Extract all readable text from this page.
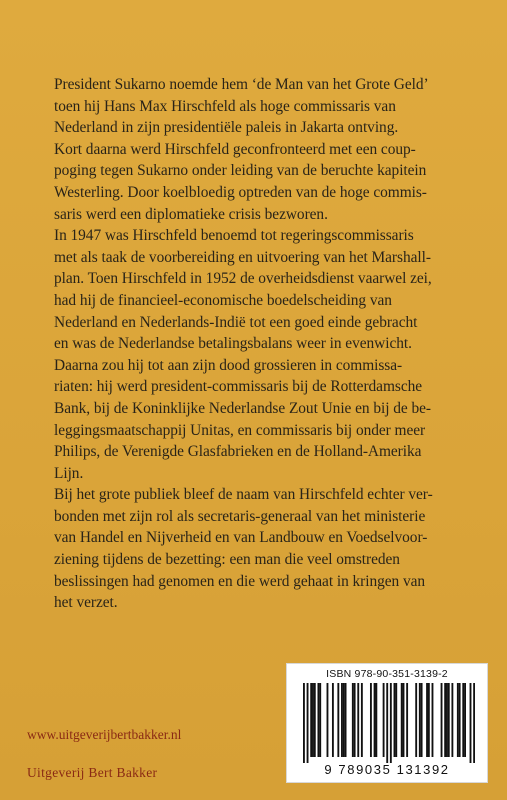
President Sukarno noemde hem ‘de Man van het Grote Geld’
toen hij Hans Max Hirschfeld als hoge commissaris van
Nederland in zijn presidentiële paleis in Jakarta ontving.
Kort daarna werd Hirschfeld geconfronteerd met een coup-
poging tegen Sukarno onder leiding van de beruchte kapitein
Westerling. Door koelbloedig optreden van de hoge commis-
saris werd een diplomatieke crisis bezworen.
In 1947 was Hirschfeld benoemd tot regeringscommissaris
met als taak de voorbereiding en uitvoering van het Marshall-
plan. Toen Hirschfeld in 1952 de overheidsdienst vaarwel zei,
had hij de financieel-economische boedelscheiding van
Nederland en Nederlands-Indië tot een goed einde gebracht
en was de Nederlandse betalingsbalans weer in evenwicht.
Daarna zou hij tot aan zijn dood grossieren in commissa-
riaten: hij werd president-commissaris bij de Rotterdamsche
Bank, bij de Koninklijke Nederlandse Zout Unie en bij de be-
leggingsmaatschappij Unitas, en commissaris bij onder meer
Philips, de Verenigde Glasfabrieken en de Holland-Amerika
Lijn.
Bij het grote publiek bleef de naam van Hirschfeld echter ver-
bonden met zijn rol als secretaris-generaal van het ministerie
van Handel en Nijverheid en van Landbouw en Voedselvoor-
ziening tijdens de bezetting: een man die veel omstreden
beslissingen had genomen en die werd gehaat in kringen van
het verzet.
ISBN 978-90-351-3139-2
9 789035 131392
www.uitgeverijbertbakker.nl
Uitgeverij Bert Bakker
